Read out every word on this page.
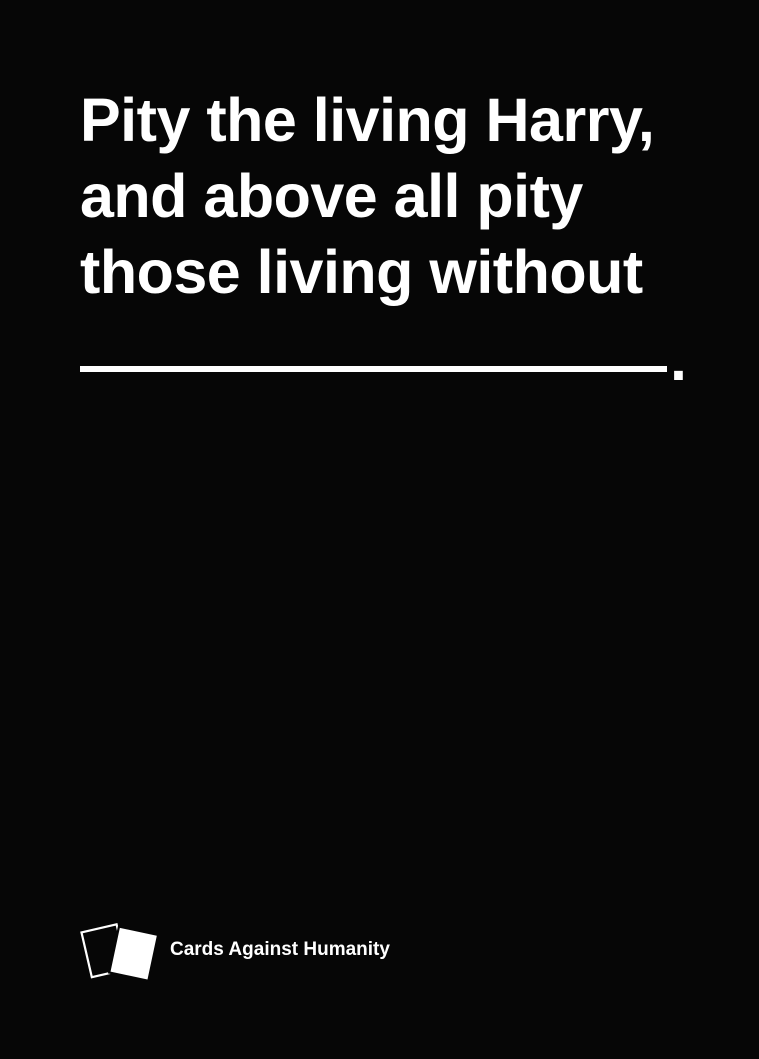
Pity the living Harry,
and above all pity
those living without
.
Cards Against Humanity
